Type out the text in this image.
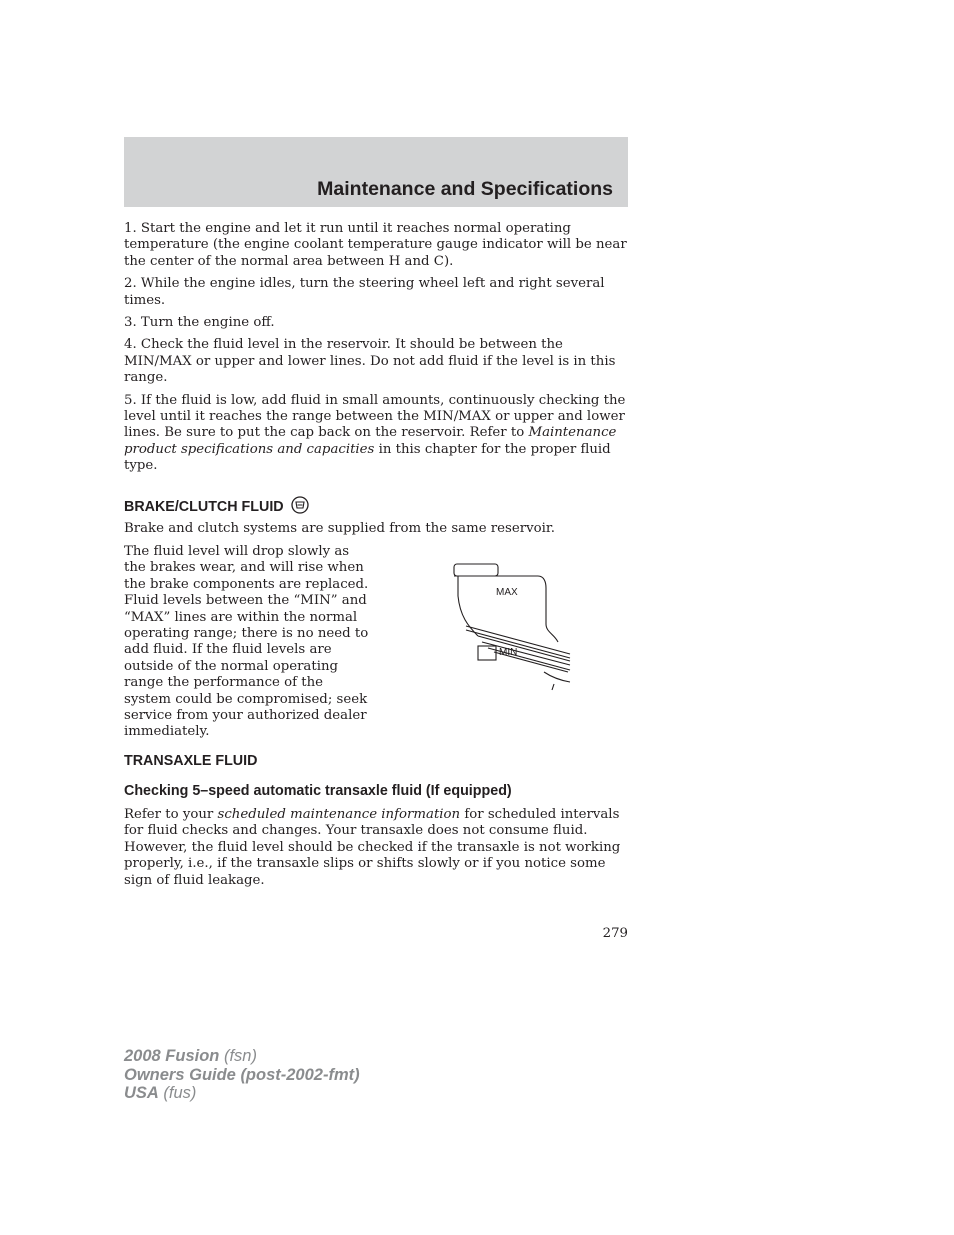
Maintenance and Specifications

1. Start the engine and let it run until it reaches normal operating temperature (the engine coolant temperature gauge indicator will be near the center of the normal area between H and C).

2. While the engine idles, turn the steering wheel left and right several times.

3. Turn the engine off.

4. Check the fluid level in the reservoir. It should be between the MIN/MAX or upper and lower lines. Do not add fluid if the level is in this range.

5. If the fluid is low, add fluid in small amounts, continuously checking the level until it reaches the range between the MIN/MAX or upper and lower lines. Be sure to put the cap back on the reservoir. Refer to Maintenance product specifications and capacities in this chapter for the proper fluid type.

BRAKE/CLUTCH FLUID

Brake and clutch systems are supplied from the same reservoir.

The fluid level will drop slowly as the brakes wear, and will rise when the brake components are replaced. Fluid levels between the “MIN” and “MAX” lines are within the normal operating range; there is no need to add fluid. If the fluid levels are outside of the normal operating range the performance of the system could be compromised; seek service from your authorized dealer immediately.

MAX
MIN
TRANSAXLE FLUID
Checking 5–speed automatic transaxle fluid (If equipped)

Refer to your scheduled maintenance information for scheduled intervals for fluid checks and changes. Your transaxle does not consume fluid. However, the fluid level should be checked if the transaxle is not working properly, i.e., if the transaxle slips or shifts slowly or if you notice some sign of fluid leakage.

279
2008 Fusion (fsn)
Owners Guide (post-2002-fmt)
USA (fus)
